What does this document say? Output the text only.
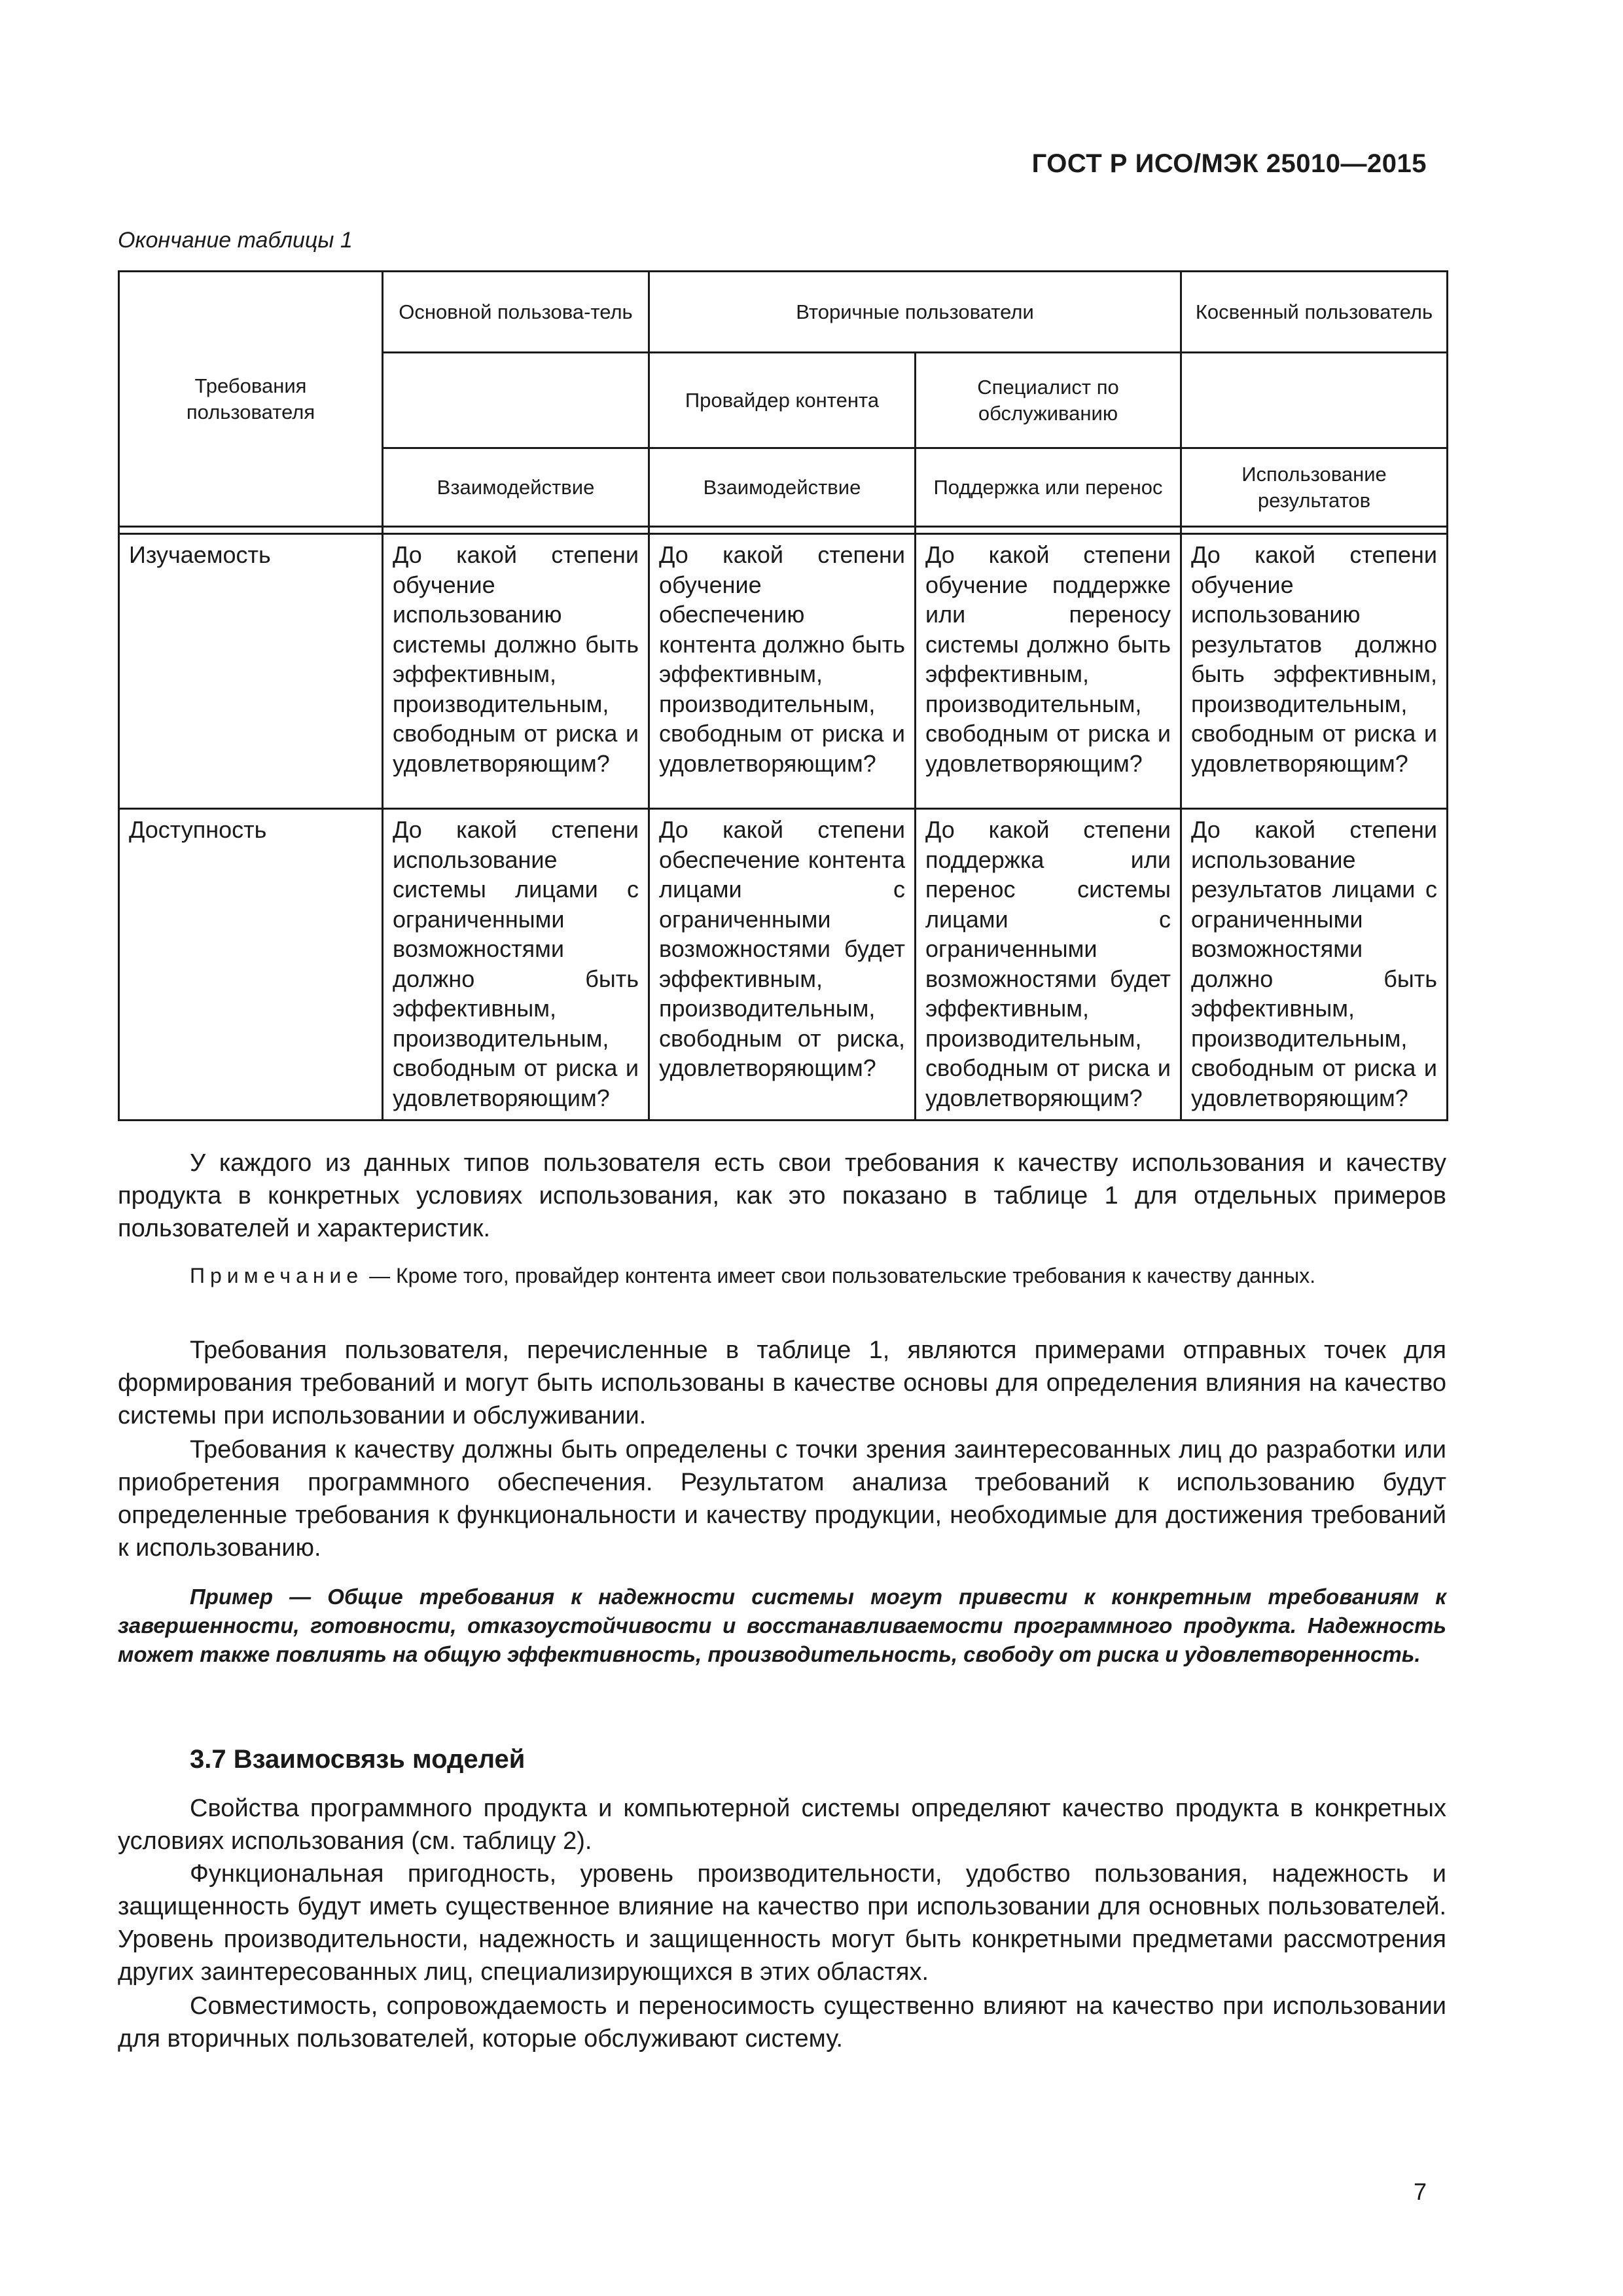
ГОСТ Р ИСО/МЭК 25010—2015
Окончание таблицы 1
Требования пользователя	Основной пользова-тель	Вторичные пользователи		Косвенный пользователь

		Провайдер контента	Специалист по обслуживанию	

	Взаимодействие	Взаимодействие	Поддержка или перенос	Использование результатов

Изучаемость	До какой степени обучение использованию системы должно быть эффективным, производительным, свободным от риска и удовлетворяющим?	До какой степени обучение обеспечению контента должно быть эффективным, производительным, свободным от риска и удовлетворяющим?	До какой степени обучение поддержке или переносу системы должно быть эффективным, производительным, свободным от риска и удовлетворяющим?	До какой степени обучение использованию результатов должно быть эффективным, производительным, свободным от риска и удовлетворяющим?
Доступность	До какой степени использование системы лицами с ограниченными возможностями должно быть эффективным, производительным, свободным от риска и удовлетворяющим?	До какой степени обеспечение контента лицами с ограниченными возможностями будет эффективным, производительным, свободным от риска, удовлетворяющим?	До какой степени поддержка или перенос системы лицами с ограниченными возможностями будет эффективным, производительным, свободным от риска и удовлетворяющим?	До какой степени использование результатов лицами с ограниченными возможностями должно быть эффективным, производительным, свободным от риска и удовлетворяющим?

У каждого из данных типов пользователя есть свои требования к качеству использования и качеству продукта в конкретных условиях использования, как это показано в таблице 1 для отдельных примеров пользователей и характеристик.

Примечание — Кроме того, провайдер контента имеет свои пользовательские требования к качеству данных.

Требования пользователя, перечисленные в таблице 1, являются примерами отправных точек для формирования требований и могут быть использованы в качестве основы для определения влияния на качество системы при использовании и обслуживании.

Требования к качеству должны быть определены с точки зрения заинтересованных лиц до разработки или приобретения программного обеспечения. Результатом анализа требований к использованию будут определенные требования к функциональности и качеству продукции, необходимые для достижения требований к использованию.

Пример — Общие требования к надежности системы могут привести к конкретным требованиям к завершенности, готовности, отказоустойчивости и восстанавливаемости программного продукта. Надежность может также повлиять на общую эффективность, производительность, свободу от риска и удовлетворенность.

3.7 Взаимосвязь моделей

Свойства программного продукта и компьютерной системы определяют качество продукта в конкретных условиях использования (см. таблицу 2).

Функциональная пригодность, уровень производительности, удобство пользования, надежность и защищенность будут иметь существенное влияние на качество при использовании для основных пользователей. Уровень производительности, надежность и защищенность могут быть конкретными предметами рассмотрения других заинтересованных лиц, специализирующихся в этих областях.

Совместимость, сопровождаемость и переносимость существенно влияют на качество при использовании для вторичных пользователей, которые обслуживают систему.

7
